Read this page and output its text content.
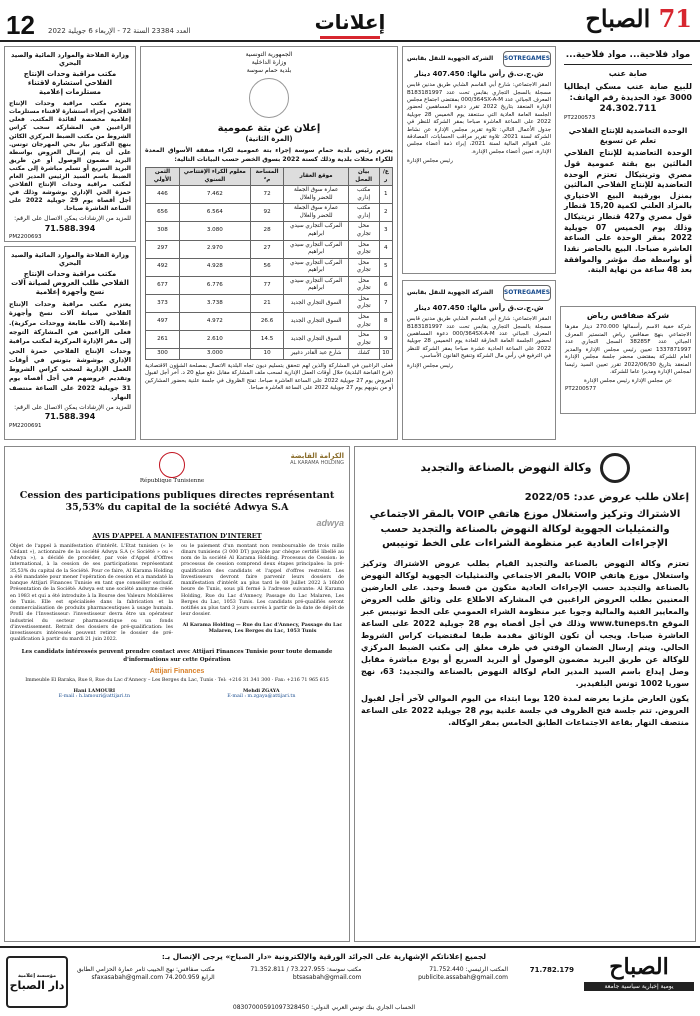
12 العدد 23384 السنة 72 - الإربعاء 6 جويلية 2022	إعلانات	71 الصباح
مواد فلاحية... مواد فلاحية...
صابة عنب
للبيع صابة عنب مسكي ايطاليا 3000 عود الجديدة رقم الهاتف:
24.302.711
PT2200573
الوحدة التعاضدية للإنتاج الفلاحي تعلم عن تسويغ
الوحدة التعاضدية للإنتاج الفلاحي المالثين بيع بقتة عمومية قول مصري وتريتيكال تعتزم الوحدة التعاضدية للإنتاج الفلاحي المالثين بمنزل بورقيبة البيع الاختياري بالمزاد العلني لكمية 15,20 قنطار قول مصري و427 قنطار تريتيكال وذلك يوم الخميس 07 جويلية 2022 بمقر الوحدة على الساعة العاشرة صباحا. البيع بالحاضر نقدا أو بواسطة صك مؤشر والموافقة بعد 48 ساعة من نهاية البتة.
شركة صفاقس رياض
شركة خفية الاسم رأسمالها 270.000 دينار مقرها الاجتماعي بنهج صفاقس رياض المنستير المعرف الجبائي عدد 38285F السجل التجاري عدد 1337871997 تعيين رئيس مجلس الإدارة والمدير العام للشركة بمقتضى محضر جلسة مجلس الإدارة المنعقد بتاريخ 2022/06/30 تقرر تعيين السيد رئيسا لمجلس الإدارة ومديرا عاما للشركة.
عن مجلس الإدارة رئيس مجلس الإدارة
PT2200577
SOTREGAMES
الشركة الجهوية للنقل بقابس
ش.ج.ت.ق رأس مالها: 407.450 دينار
المقر الاجتماعي: شارع أبي القاسم الشابي طريق مدنين قابس مسجلة بالسجل التجاري بقابس تحت عدد B183181997 المعرف الجبائي عدد 000/364SX-A-M بمقتضى اجتماع مجلس الإدارة المنعقد بتاريخ 2022 تقرر دعوة المساهمين لحضور الجلسة العامة العادية التي ستنعقد يوم الخميس 28 جويلية 2022 على الساعة العاشرة صباحا بمقر الشركة للنظر في جدول الأعمال التالي: تلاوة تقرير مجلس الإدارة عن نشاط الشركة لسنة 2021، تلاوة تقرير مراقب الحسابات، المصادقة على القوائم المالية لسنة 2021، إبراء ذمة أعضاء مجلس الإدارة، تعيين أعضاء مجلس الإدارة.
رئيس مجلس الإدارة
SOTREGAMES
الشركة الجهوية للنقل بقابس
ش.ج.ت.ق رأس مالها: 407.450 دينار
المقر الاجتماعي: شارع أبي القاسم الشابي طريق مدنين قابس مسجلة بالسجل التجاري بقابس تحت عدد B183181997 المعرف الجبائي عدد 000/364SX-A-M دعوة المساهمين لحضور الجلسة العامة الخارقة للعادة يوم الخميس 28 جويلية 2022 على الساعة الحادية عشرة صباحا بمقر الشركة للنظر في الترفيع في رأس مال الشركة وتنقيح القانون الأساسي.
رئيس مجلس الإدارة
الجمهورية التونسية
وزارة الداخلية
بلدية حمام سوسة
إعلان عن بتة عمومية
(المرة الثانية)
يعتزم رئيس بلدية حمام سوسة إجراء بتة عمومية لكراء صفقة الأسواق المعدة للكراء محلات بلدية وذلك كسنة 2022 بسوق الخضر حسب البيانات التالية:
ع/ر	بيان المحل	موقع العقار	المساحة م²	معلوم الكراء الإفتتاحي السنوي	الثمن الأولي
1	مكتب إداري	عمارة سوق الجملة للخضر والغلال	72	7.462	446
2	مكتب إداري	عمارة سوق الجملة للخضر والغلال	92	6.564	656
3	محل تجاري	المركب التجاري سيدي ابراهيم	28	3.080	308
4	محل تجاري	المركب التجاري سيدي ابراهيم	27	2.970	297
5	محل تجاري	المركب التجاري سيدي ابراهيم	56	4.928	492
6	محل تجاري	المركب التجاري سيدي ابراهيم	77	6.776	677
7	محل تجاري	السوق التجاري الجديد	21	3.738	373
8	محل تجاري	السوق التجاري الجديد	26.6	4.972	497
9	محل تجاري	السوق التجاري الجديد	14.5	2.610	261
10	كشك	شارع عبد القادر دغيير	10	3.000	300
فعلى الراغبين في المشاركة والذين لهم تتحقق بتسليم ديون تجاه البلدية الاتصال بمصلحة الشؤون الاقتصادية (فرع القباضة البلدية) خلال أوقات العمل الإدارية لسحب ملف المشاركة مقابل دفع مبلغ 20 د. آخر أجل لقبول العروض يوم 27 جويلية 2022 على الساعة العاشرة صباحا. تفتح الظروف في جلسة علنية بحضور المشاركين أو من ينوبهم يوم 27 جويلية 2022 على الساعة العاشرة صباحا.
وزارة الفلاحة والموارد المائية والصيد البحري
مكتب مراقبة وحدات الإنتاج الفلاحي استشارة لاقتناء مستلزمات إعلامية
يعتزم مكتب مراقبة وحدات الإنتاج الفلاحي إجراء استشارة لاقتناء مستلزمات إعلامية مخصصة لفائدة المكتب. فعلى الراغبين في المشاركة سحب كراس الشروط من مكتب الضبط المركزي الكائن بنهج الدكتور بيار بحي المهرجان تونس. على أن يتم إرسال العروض بواسطة البريد مضمون الوصول أو عن طريق البريد السريع أو تسلم مباشرة إلى مكتب الضبط باسم السيد الرئيس المدير العام لمكتب مراقبة وحدات الإنتاج الفلاحي حمزة الحي الإداري بوشوشة وذلك في أجل أقصاه يوم 29 جويلية 2022 على الساعة العاشرة صباحا.
للمزيد من الإرشادات يمكن الاتصال على الرقم:
71.588.394
PM2200693
وزارة الفلاحة والموارد المائية والصيد البحري
مكتب مراقبة وحدات الإنتاج الفلاحي طلب العروض لصيانة آلات نسخ وأجهزة إعلامية
يعتزم مكتب مراقبة وحدات الإنتاج الفلاحي صيانة آلات نسخ وأجهزة إعلامية (آلات طابعة ووحدات مركزية). فعلى الراغبين في المشاركة التوجه إلى مقر الإدارة المركزية لمكتب مراقبة وحدات الإنتاج الفلاحي حمزة الحي الإداري بوشوشة بتونس في أوقات العمل الإدارية لسحب كراس الشروط وتقديم عروضهم في أجل أقصاه يوم 31 جويلية 2022 على الساعة منتصف النهار.
للمزيد من الإرشادات يمكن الاتصال على الرقم:
71.588.394
PM2200691
République Tunisienne
الكرامة القابضة
AL KARAMA HOLDING
Cession des participations publiques directes représentant 35,53% du capital de la société Adwya S.A
adwya
AVIS D'APPEL A MANIFESTATION D'INTERET
Objet de l'appel à manifestation d'intérêt. L'Etat tunisien (« le Cédant »), actionnaire de la société Adwya S.A (« Société » ou « Adwya »), a décidé de procéder, par voie d'Appel d'Offres international, à la cession de ses participations représentant 35,53% du capital de la Société. Pour ce faire, Al Karama Holding a été mandatée pour mener l'opération de cession et a mandaté la banque Attijari Finances Tunisie en tant que conseiller exclusif. Présentation de la Société: Adwya est une société anonyme créée en 1983 et qui a été introduite à la Bourse des Valeurs Mobilières de Tunis. Elle est spécialisée dans la fabrication et la commercialisation de produits pharmaceutiques à usage humain. Profil de l'Investisseur: l'investisseur devra être un opérateur industriel du secteur pharmaceutique ou un fonds d'investissement. Retrait des dossiers de pré-qualification: les investisseurs intéressés peuvent retirer le dossier de pré-qualification à partir du mardi 21 juin 2022.
ou le paiement d'un montant non remboursable de trois mille dinars tunisiens (3 000 DT) payable par chèque certifié libellé au nom de la société Al Karama Holding. Processus de Cession: le processus de cession comprend deux étapes principales: la pré-qualification des candidats et l'appel d'offres restreint. Les Investisseurs devront faire parvenir leurs dossiers de manifestation d'intérêt au plus tard le 08 Juillet 2022 à 16h00 heure de Tunis, sous pli fermé à l'adresse suivante: Al Karama Holding, Rue du Lac d'Annecy, Passage du Lac Malaren, Les Berges du Lac, 1053 Tunis. Les candidats pré-qualifiés seront notifiés au plus tard 3 jours ouvrés à partir de la date de dépôt de leur dossier.
Al Karama Holding — Rue du Lac d'Annecy, Passage du Lac Malaren, Les Berges du Lac, 1053 Tunis
Les candidats intéressés peuvent prendre contact avec Attijari Finances Tunisie pour toute demande d'informations sur cette Opération
Attijari Finances
Immeuble El Baraka, Rue 8, Rue du Lac d'Annecy – Les Berges du Lac, Tunis · Tel: +216 31 341 300 · Fax: +216 71 965 615
Hani LAMOURI
E-mail : h.lamouri@attijari.tn
Mehdi ZGAYA
E-mail : m.zgaya@attijari.tn
وكالة النهوض بالصناعة والتجديد
إعلان طلب عروض عدد: 2022/05
الاشتراك وتركيز واستغلال موزع هاتفي VOIP بالمقر الاجتماعي والتمثيليات الجهوية لوكالة النهوض بالصناعة والتجديد حسب الإجراءات العادية عبر منظومة الشراءات على الخط تونيبس
تعتزم وكالة النهوض بالصناعة والتجديد القيام بطلب عروض الاشتراك وتركيز واستغلال موزع هاتفي VOIP بالمقر الاجتماعي والتمثيليات الجهوية لوكالة النهوض بالصناعة والتجديد حسب الإجراءات العادية متكون من قسط وحيد. على العارضين المعنيين بطلب العروض الراغبين في المشاركة الاطلاع على وثائق طلب العروض والمعايير الفنية والمالية وجوبا عبر منظومة الشراء العمومي على الخط تونيبس عبر الموقع www.tuneps.tn وذلك في أجل أقصاه يوم 28 جويلية 2022 على الساعة العاشرة صباحا. ويجب أن تكون الوثائق مقدمة طبقا لمقتضيات كراس الشروط الحالي. ويتم إرسال الضمان الوقتي في ظرف مغلق إلى مكتب الضبط المركزي للوكالة عن طريق البريد مضمون الوصول أو البريد السريع أو يودع مباشرة مقابل وصل إيداع باسم السيد المدير العام لوكالة النهوض بالصناعة والتجديد: 63، نهج سوريا 1002 تونس البلفيدير.
يكون العارض ملزما بعرضه لمدة 120 يوما ابتداء من اليوم الموالي لآخر أجل لقبول العروض. تتم جلسة فتح الظروف في جلسة علنية يوم 28 جويلية 2022 على الساعة منتصف النهار بقاعة الاجتماعات الطابق الخامس بمقر الوكالة.
الصباح
يومية إخبارية سياسية جامعة
مؤسسة إعلامية
دار الصباح
لجميع إعلاناتكم الإشهارية على الجرائد الورقية والإلكترونية «دار الصباح» يرجى الإتصال بـ:
مكتب صفاقس: نهج الحبيب ثامر عمارة الحزامي الطابق الرابع 74.200.959 sfaxasabah@gmail.com
مكتب سوسة: 73.227.955 / 71.352.811 btsasabah@gmail.com
المكتب الرئيسي: 71.752.440 publicite.assabah@gmail.com
71.782.179
الحساب الجاري بنك تونس العربي الدولي: 08307000591097328450
